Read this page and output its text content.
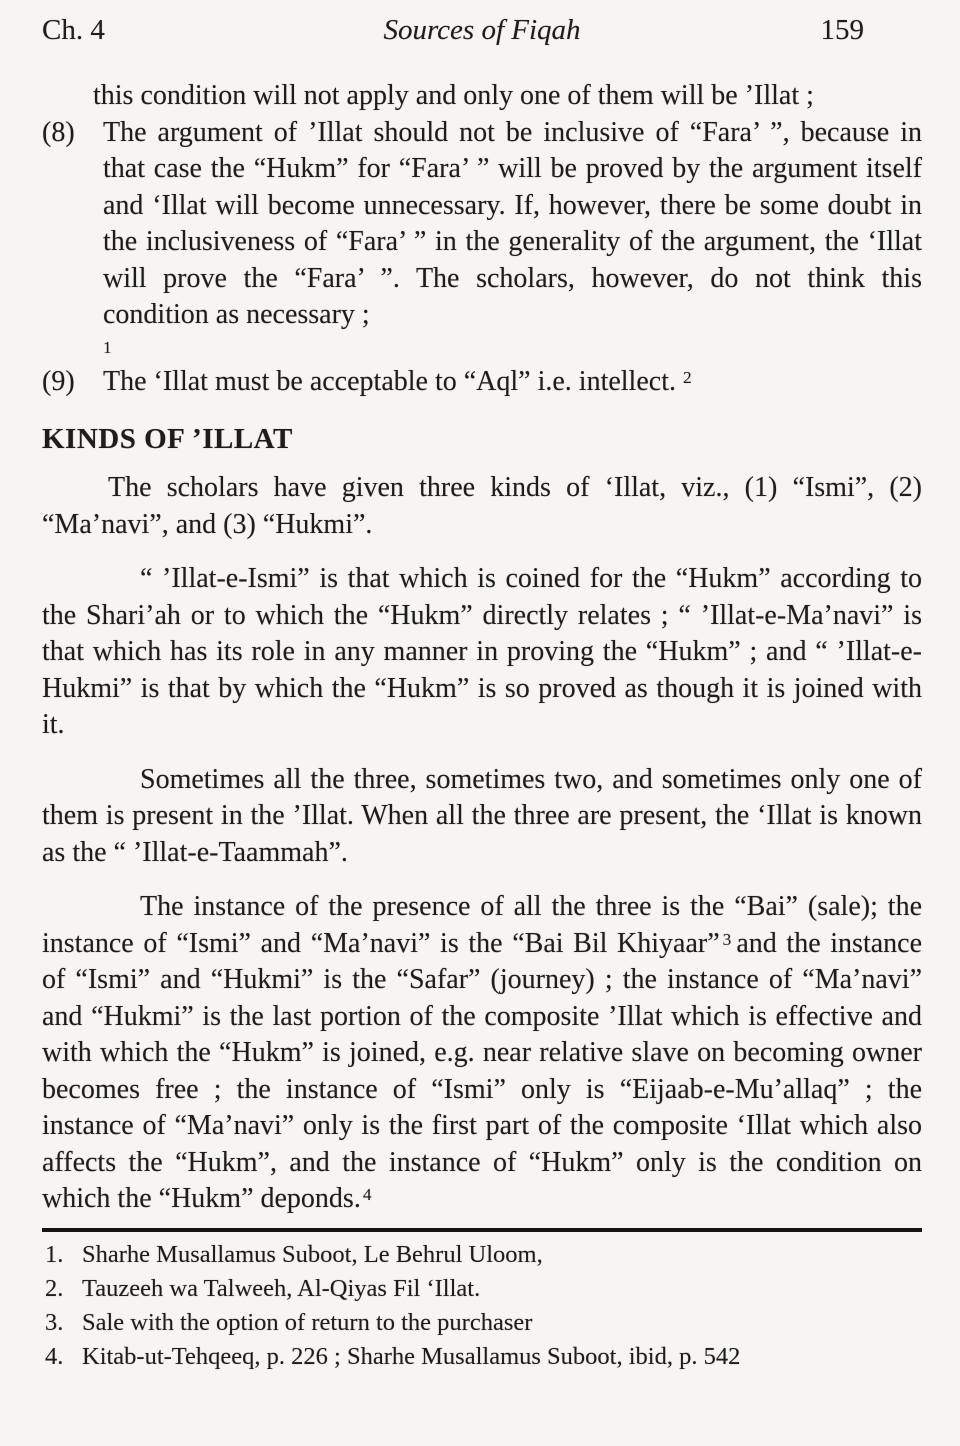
Ch. 4	Sources of Fiqah	159

this condition will not apply and only one of them will be ’Illat ;

(8)	The argument of ’Illat should not be inclusive of “Fara’ ”, because in that case the “Hukm” for “Fara’ ” will be proved by the argument itself and ‘Illat will become unnecessary. If, however, there be some doubt in the inclusiveness of “Fara’ ” in the generality of the argument, the ‘Illat will prove the “Fara’ ”. The scholars, however, do not think this condition as necessary ;

$^1$
(9)	The ‘Illat must be acceptable to “Aql” i.e. intellect. $^2$

KINDS OF ’ILLAT

The scholars have given three kinds of ‘Illat, viz., (1) “Ismi”, (2) “Ma’navi”, and (3) “Hukmi”.

“ ’Illat-e-Ismi” is that which is coined for the “Hukm” according to the Shari’ah or to which the “Hukm” directly relates ; “ ’Illat-e-Ma’navi” is that which has its role in any manner in proving the “Hukm” ; and “ ’Illat-e-Hukmi” is that by which the “Hukm” is so proved as though it is joined with it.

Sometimes all the three, sometimes two, and sometimes only one of them is present in the ’Illat. When all the three are present, the ‘Illat is known as the “ ’Illat-e-Taammah”.

The instance of the presence of all the three is the “Bai” (sale); the instance of “Ismi” and “Ma’navi” is the “Bai Bil Khiyaar” $^3$ and the instance of “Ismi” and “Hukmi” is the “Safar” (journey) ; the instance of “Ma’navi” and “Hukmi” is the last portion of the composite ’Illat which is effective and with which the “Hukm” is joined, e.g. near relative slave on becoming owner becomes free ; the instance of “Ismi” only is “Eijaab-e-Mu’allaq” ; the instance of “Ma’navi” only is the first part of the composite ‘Illat which also affects the “Hukm”, and the instance of “Hukm” only is the condition on which the “Hukm” deponds. $^4$

1. Sharhe Musallamus Suboot, Le Behrul Uloom,
2. Tauzeeh wa Talweeh, Al-Qiyas Fil ‘Illat.
3. Sale with the option of return to the purchaser
4. Kitab-ut-Tehqeeq, p. 226 ; Sharhe Musallamus Suboot, ibid, p. 542
